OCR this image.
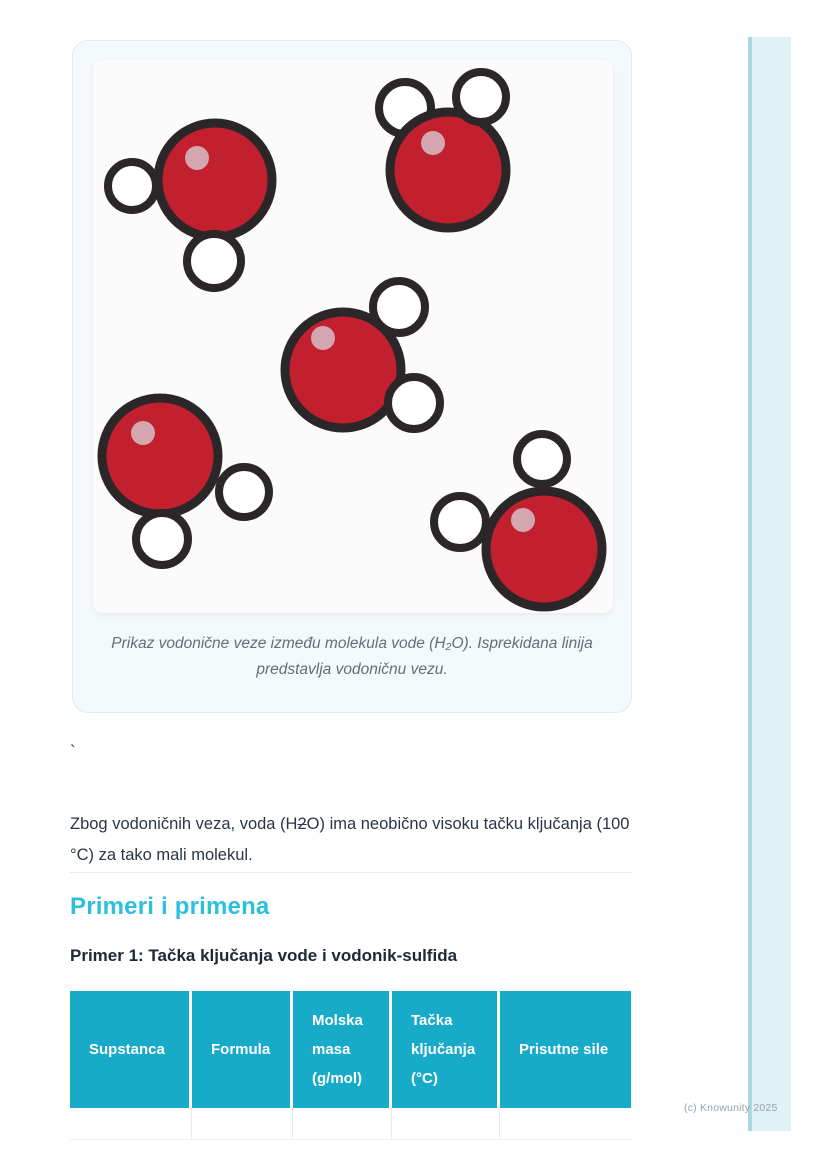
Prikaz vodonične veze između molekula vode (H₂O). Isprekidana linija predstavlja vodoničnu vezu.
`

Zbog vodoničnih veza, voda (H2O) ima neobično visoku tačku ključanja (100 °C) za tako mali molekul.

Primeri i primena
Primer 1: Tačka ključanja vode i vodonik-sulfida
Supstanca	Formula
Molska masa (g/mol)
Tačka ključanja (°C)
Prisutne sile
(c) Knowunity 2025
